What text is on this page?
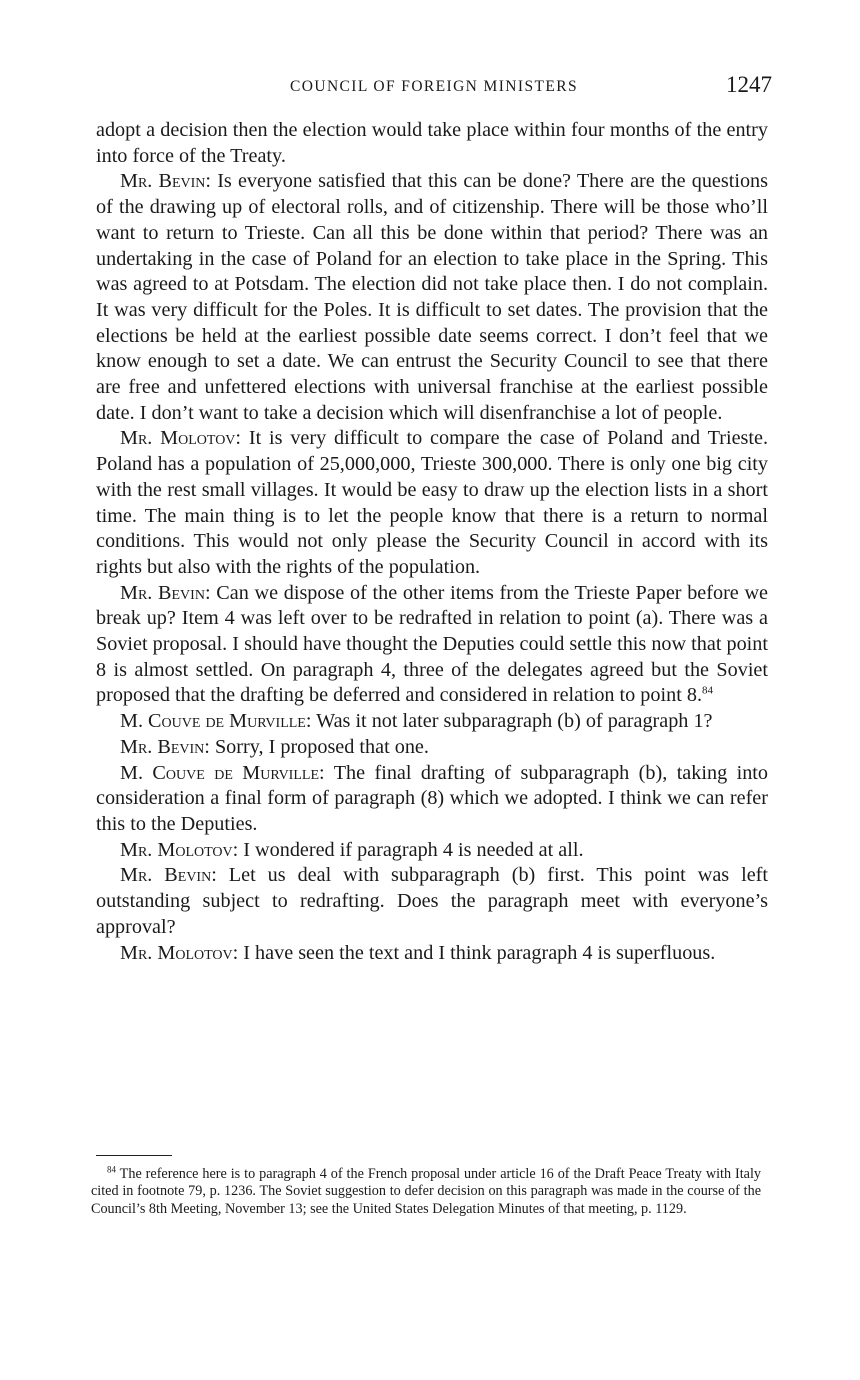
COUNCIL OF FOREIGN MINISTERS	1247

adopt a decision then the election would take place within four months of the entry into force of the Treaty.

Mr. Bevin: Is everyone satisfied that this can be done? There are the questions of the drawing up of electoral rolls, and of citizenship. There will be those who’ll want to return to Trieste. Can all this be done within that period? There was an undertaking in the case of Poland for an election to take place in the Spring. This was agreed to at Potsdam. The election did not take place then. I do not complain. It was very difficult for the Poles. It is difficult to set dates. The provision that the elections be held at the earliest possible date seems correct. I don’t feel that we know enough to set a date. We can entrust the Security Council to see that there are free and unfettered elections with universal franchise at the earliest possible date. I don’t want to take a decision which will disenfranchise a lot of people.

Mr. Molotov: It is very difficult to compare the case of Poland and Trieste. Poland has a population of 25,000,000, Trieste 300,000. There is only one big city with the rest small villages. It would be easy to draw up the election lists in a short time. The main thing is to let the people know that there is a return to normal conditions. This would not only please the Security Council in accord with its rights but also with the rights of the population.

Mr. Bevin: Can we dispose of the other items from the Trieste Paper before we break up? Item 4 was left over to be redrafted in relation to point (a). There was a Soviet proposal. I should have thought the Deputies could settle this now that point 8 is almost settled. On paragraph 4, three of the delegates agreed but the Soviet proposed that the drafting be deferred and considered in relation to point 8.84

M. Couve de Murville: Was it not later subparagraph (b) of paragraph 1?

Mr. Bevin: Sorry, I proposed that one.

M. Couve de Murville: The final drafting of subparagraph (b), taking into consideration a final form of paragraph (8) which we adopted. I think we can refer this to the Deputies.

Mr. Molotov: I wondered if paragraph 4 is needed at all.

Mr. Bevin: Let us deal with subparagraph (b) first. This point was left outstanding subject to redrafting. Does the paragraph meet with everyone’s approval?

Mr. Molotov: I have seen the text and I think paragraph 4 is superfluous.

$^{84}$ The reference here is to paragraph 4 of the French proposal under article 16 of the Draft Peace Treaty with Italy cited in footnote 79, p. 1236. The Soviet suggestion to defer decision on this paragraph was made in the course of the Council’s 8th Meeting, November 13; see the United States Delegation Minutes of that meeting, p. 1129.
